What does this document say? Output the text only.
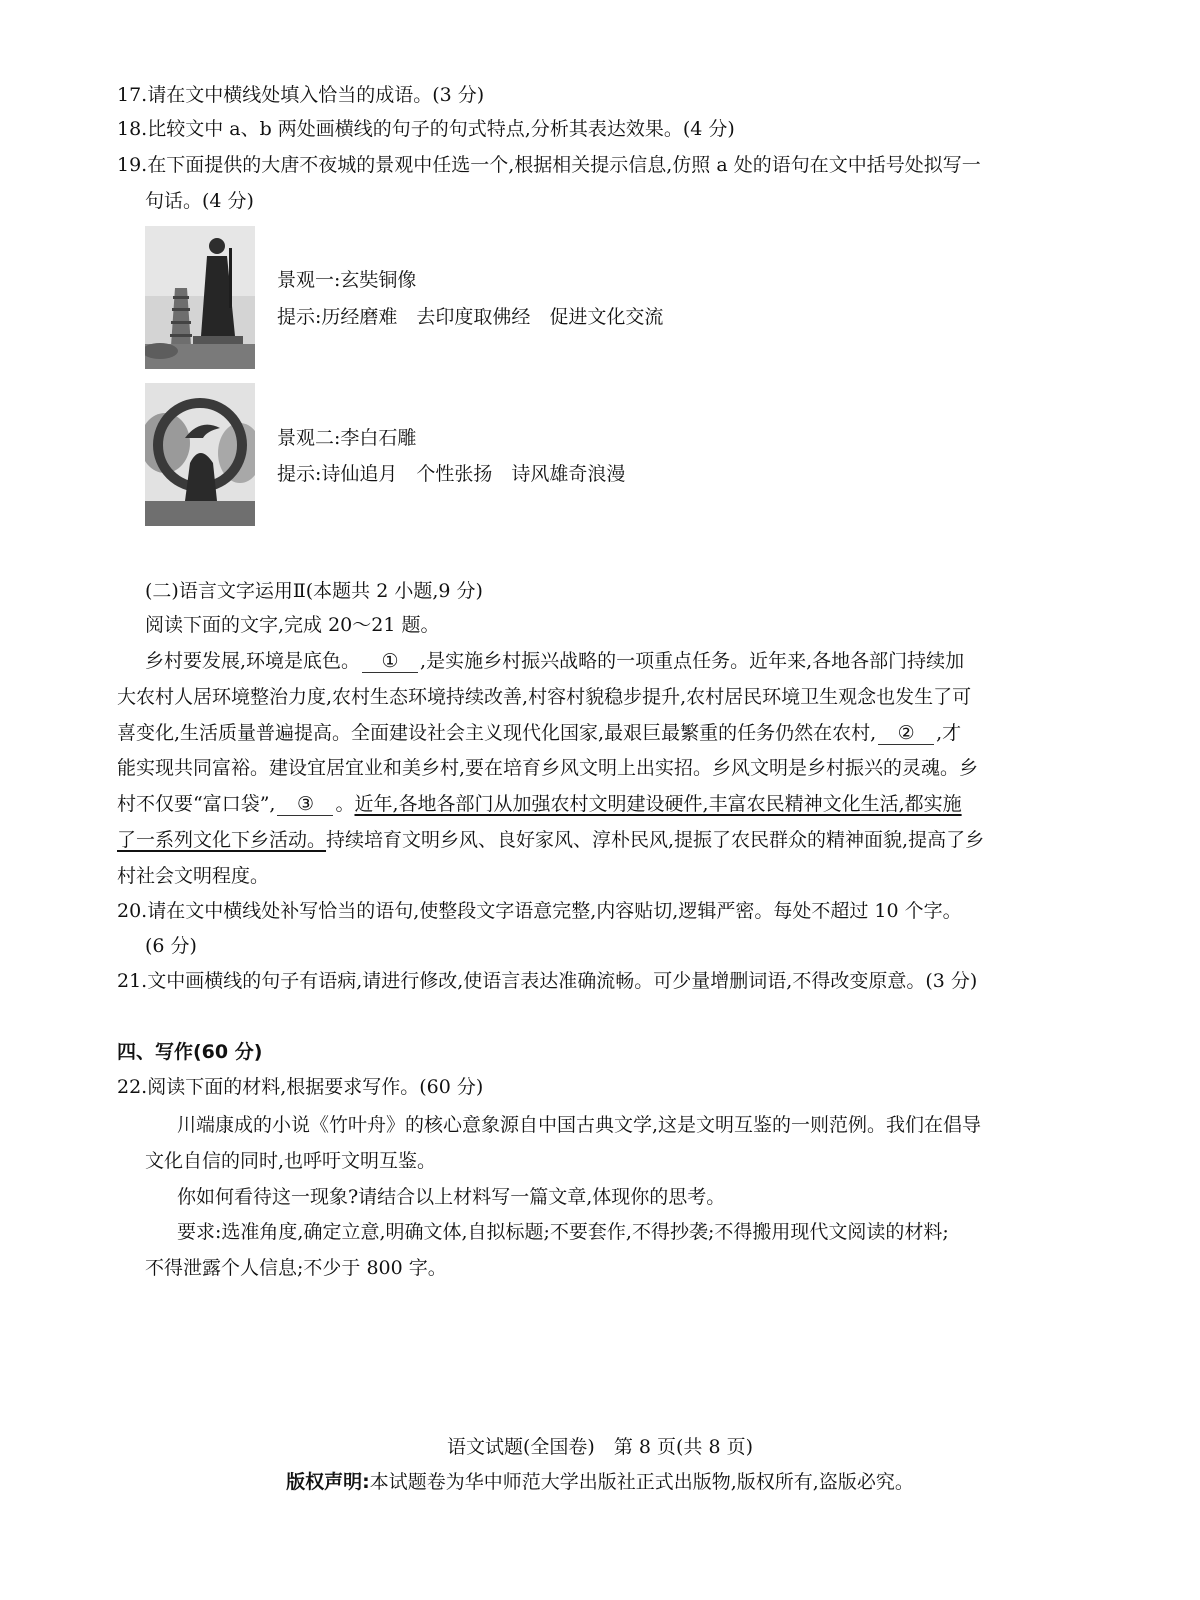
17.请在文中横线处填入恰当的成语。(3 分)
18.比较文中 a、b 两处画横线的句子的句式特点,分析其表达效果。(4 分)
19.在下面提供的大唐不夜城的景观中任选一个,根据相关提示信息,仿照 a 处的语句在文中括号处拟写一
句话。(4 分)
景观一:玄奘铜像
提示:历经磨难　去印度取佛经　促进文化交流
景观二:李白石雕
提示:诗仙追月　个性张扬　诗风雄奇浪漫
(二)语言文字运用Ⅱ(本题共 2 小题,9 分)
阅读下面的文字,完成 20～21 题。
乡村要发展,环境是底色。 ① ,是实施乡村振兴战略的一项重点任务。近年来,各地各部门持续加
大农村人居环境整治力度,农村生态环境持续改善,村容村貌稳步提升,农村居民环境卫生观念也发生了可
喜变化,生活质量普遍提高。全面建设社会主义现代化国家,最艰巨最繁重的任务仍然在农村, ② ,才
能实现共同富裕。建设宜居宜业和美乡村,要在培育乡风文明上出实招。乡风文明是乡村振兴的灵魂。乡
村不仅要“富口袋”, ③ 。近年,各地各部门从加强农村文明建设硬件,丰富农民精神文化生活,都实施
了一系列文化下乡活动。持续培育文明乡风、良好家风、淳朴民风,提振了农民群众的精神面貌,提高了乡
村社会文明程度。
20.请在文中横线处补写恰当的语句,使整段文字语意完整,内容贴切,逻辑严密。每处不超过 10 个字。
(6 分)
21.文中画横线的句子有语病,请进行修改,使语言表达准确流畅。可少量增删词语,不得改变原意。(3 分)
四、写作(60 分)
22.阅读下面的材料,根据要求写作。(60 分)
川端康成的小说《竹叶舟》的核心意象源自中国古典文学,这是文明互鉴的一则范例。我们在倡导
文化自信的同时,也呼吁文明互鉴。
你如何看待这一现象?请结合以上材料写一篇文章,体现你的思考。
要求:选准角度,确定立意,明确文体,自拟标题;不要套作,不得抄袭;不得搬用现代文阅读的材料;
不得泄露个人信息;不少于 800 字。
语文试题(全国卷)　第 8 页(共 8 页)
版权声明:本试题卷为华中师范大学出版社正式出版物,版权所有,盗版必究。
